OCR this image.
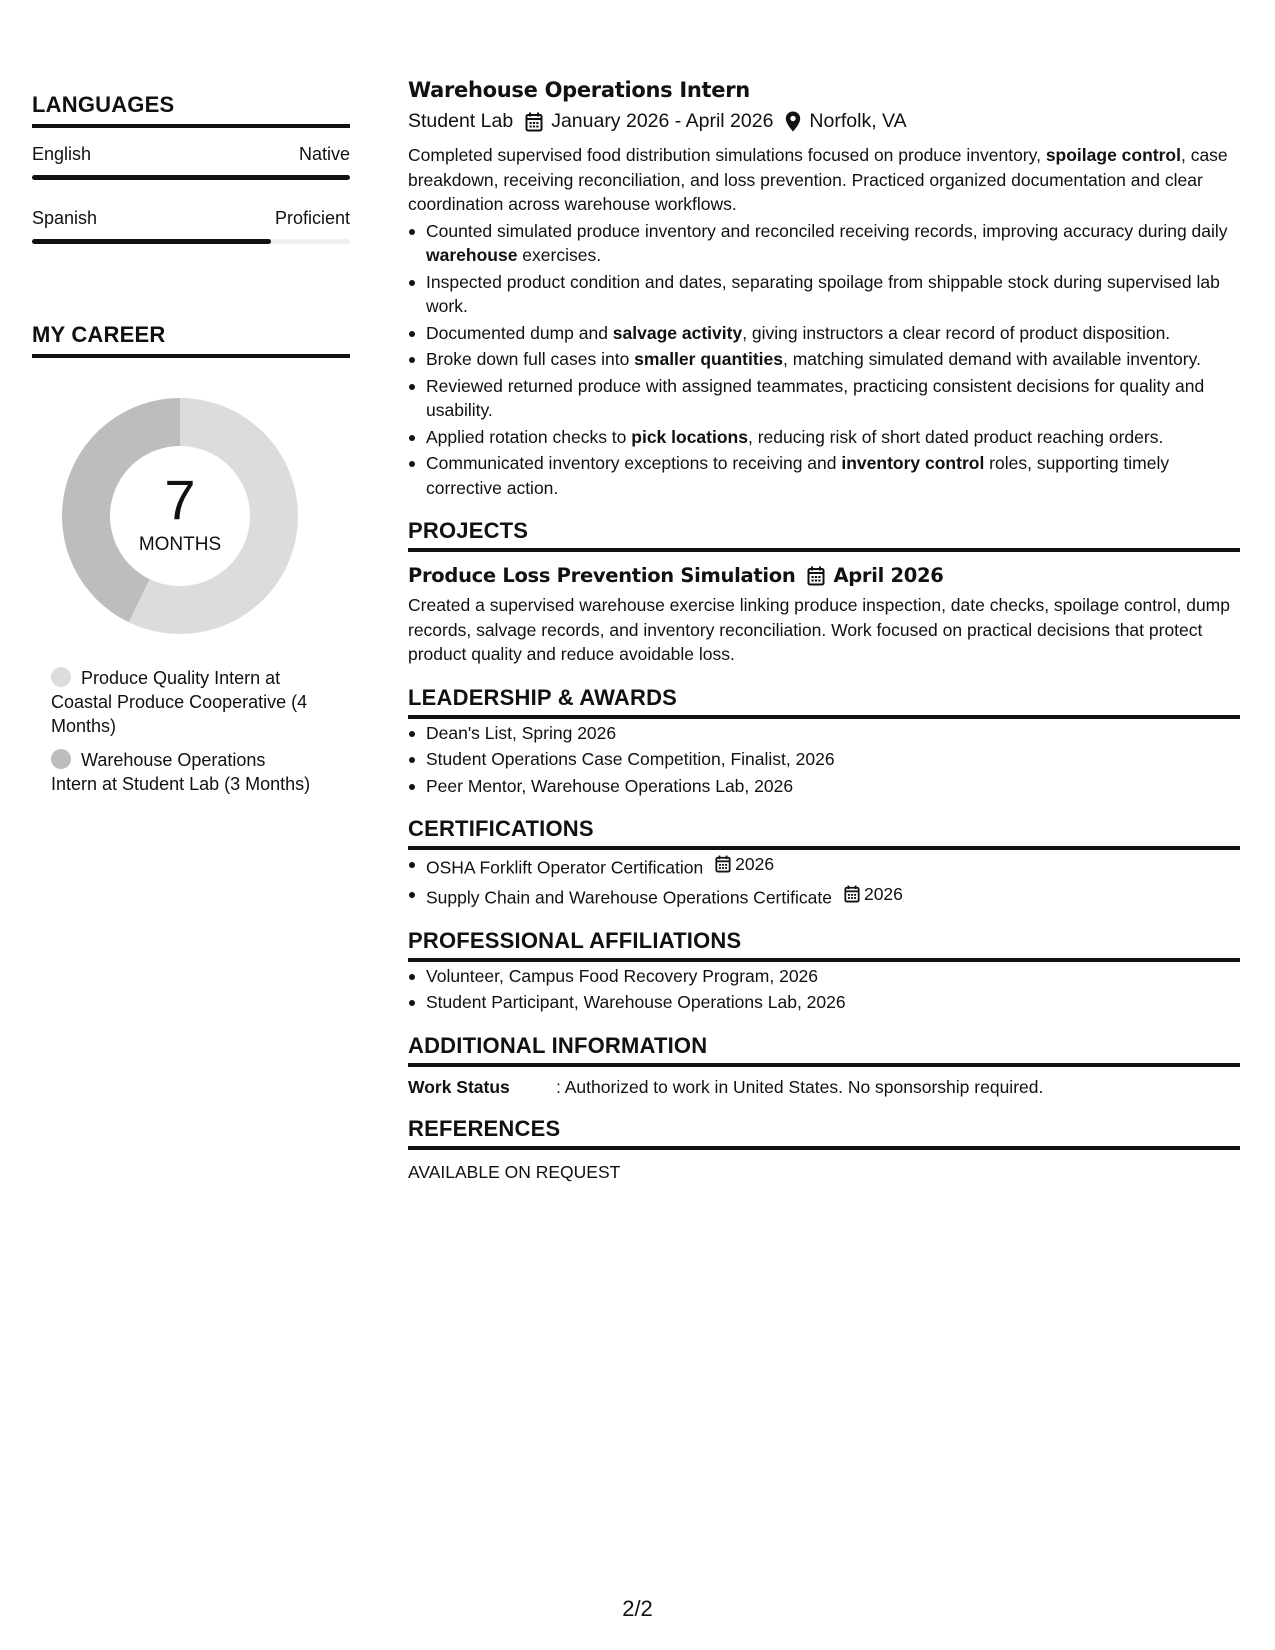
LANGUAGES
English	Native
Spanish	Proficient
MY CAREER
7
MONTHS
Produce Quality Intern at Coastal Produce Cooperative (4 Months)
Warehouse Operations Intern at Student Lab (3 Months)
Warehouse Operations Intern
Student Lab January 2026 - April 2026 Norfolk, VA
Completed supervised food distribution simulations focused on produce inventory, spoilage control, case breakdown, receiving reconciliation, and loss prevention. Practiced organized documentation and clear coordination across warehouse workflows.
Counted simulated produce inventory and reconciled receiving records, improving accuracy during daily warehouse exercises.
Inspected product condition and dates, separating spoilage from shippable stock during supervised lab work.
Documented dump and salvage activity, giving instructors a clear record of product disposition.
Broke down full cases into smaller quantities, matching simulated demand with available inventory.
Reviewed returned produce with assigned teammates, practicing consistent decisions for quality and usability.
Applied rotation checks to pick locations, reducing risk of short dated product reaching orders.
Communicated inventory exceptions to receiving and inventory control roles, supporting timely corrective action.
PROJECTS
Produce Loss Prevention Simulation April 2026
Created a supervised warehouse exercise linking produce inspection, date checks, spoilage control, dump records, salvage records, and inventory reconciliation. Work focused on practical decisions that protect product quality and reduce avoidable loss.
LEADERSHIP & AWARDS
Dean's List, Spring 2026
Student Operations Case Competition, Finalist, 2026
Peer Mentor, Warehouse Operations Lab, 2026
CERTIFICATIONS
OSHA Forklift Operator Certification 2026
Supply Chain and Warehouse Operations Certificate 2026
PROFESSIONAL AFFILIATIONS
Volunteer, Campus Food Recovery Program, 2026
Student Participant, Warehouse Operations Lab, 2026
ADDITIONAL INFORMATION
Work Status	: Authorized to work in United States. No sponsorship required.
REFERENCES
AVAILABLE ON REQUEST
2/2
